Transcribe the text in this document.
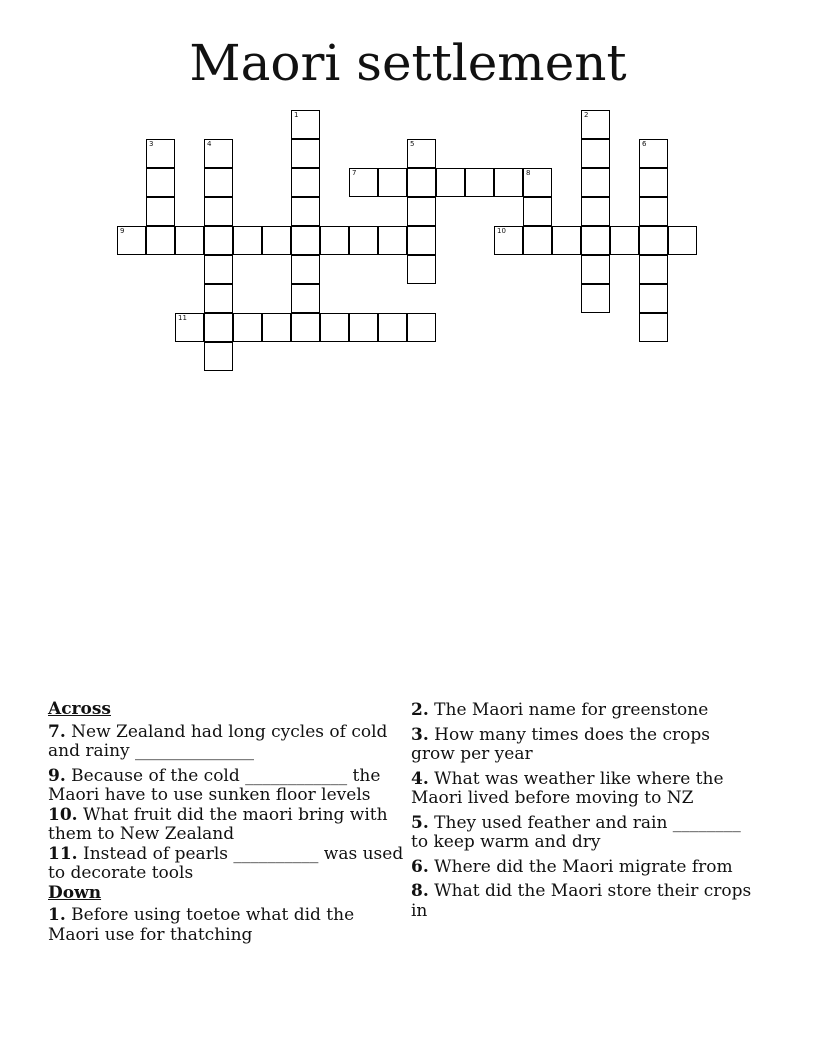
Maori settlement
7	8
9	10
11
1	2
3	4	5	6
Across
7. New Zealand had long cycles of cold and rainy ______________
9. Because of the cold ____________ the Maori have to use sunken floor levels
10. What fruit did the maori bring with them to New Zealand
11. Instead of pearls __________ was used to decorate tools
Down
1. Before using toetoe what did the Maori use for thatching
2. The Maori name for greenstone
3. How many times does the crops grow per year
4. What was weather like where the Maori lived before moving to NZ
5. They used feather and rain ________ to keep warm and dry
6. Where did the Maori migrate from
8. What did the Maori store their crops in
